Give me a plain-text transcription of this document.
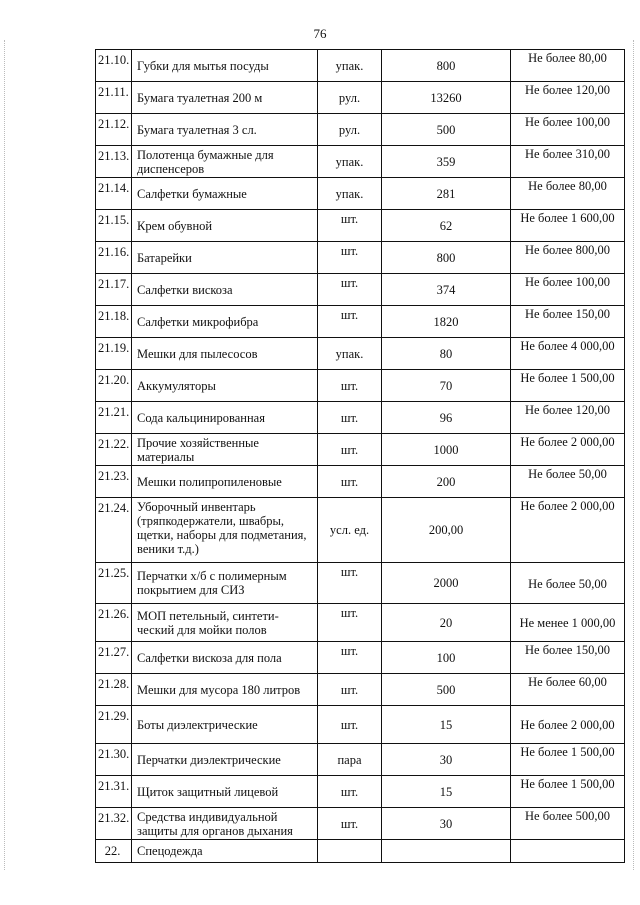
76
21.10.	Губки для мытья посуды	упак.	800	Не более 80,00
21.11.	Бумага туалетная 200 м	рул.	13260	Не более 120,00
21.12.	Бумага туалетная 3 сл.	рул.	500	Не более 100,00
21.13.	Полотенца бумажные для диспенсеров	упак.	359	Не более 310,00
21.14.	Салфетки бумажные	упак.	281	Не более 80,00
21.15.	Крем обувной	шт.	62	Не более 1 600,00
21.16.	Батарейки	шт.	800	Не более 800,00
21.17.	Салфетки вискоза	шт.	374	Не более 100,00
21.18.	Салфетки микрофибра	шт.	1820	Не более 150,00
21.19.	Мешки для пылесосов	упак.	80	Не более 4 000,00
21.20.	Аккумуляторы	шт.	70	Не более 1 500,00
21.21.	Сода кальцинированная	шт.	96	Не более 120,00
21.22.	Прочие хозяйственные материалы	шт.	1000	Не более 2 000,00
21.23.	Мешки полипропиленовые	шт.	200	Не более 50,00
21.24.	Уборочный инвентарь (тряпкодержатели, швабры, щетки, наборы для подметания, веники т.д.)	усл. ед.	200,00	Не более 2 000,00
21.25.	Перчатки х/б с полимерным покрытием для СИЗ	шт.	2000	Не более 50,00
21.26.	МОП петельный, синтети-ческий для мойки полов	шт.	20	Не менее 1 000,00
21.27.	Салфетки вискоза для пола	шт.	100	Не более 150,00
21.28.	Мешки для мусора 180 литров	шт.	500	Не более 60,00
21.29.	Боты диэлектрические	шт.	15	Не более 2 000,00
21.30.	Перчатки диэлектрические	пара	30	Не более 1 500,00
21.31.	Щиток защитный лицевой	шт.	15	Не более 1 500,00
21.32.	Средства индивидуальной защиты для органов дыхания	шт.	30	Не более 500,00
22.	Спецодежда			
